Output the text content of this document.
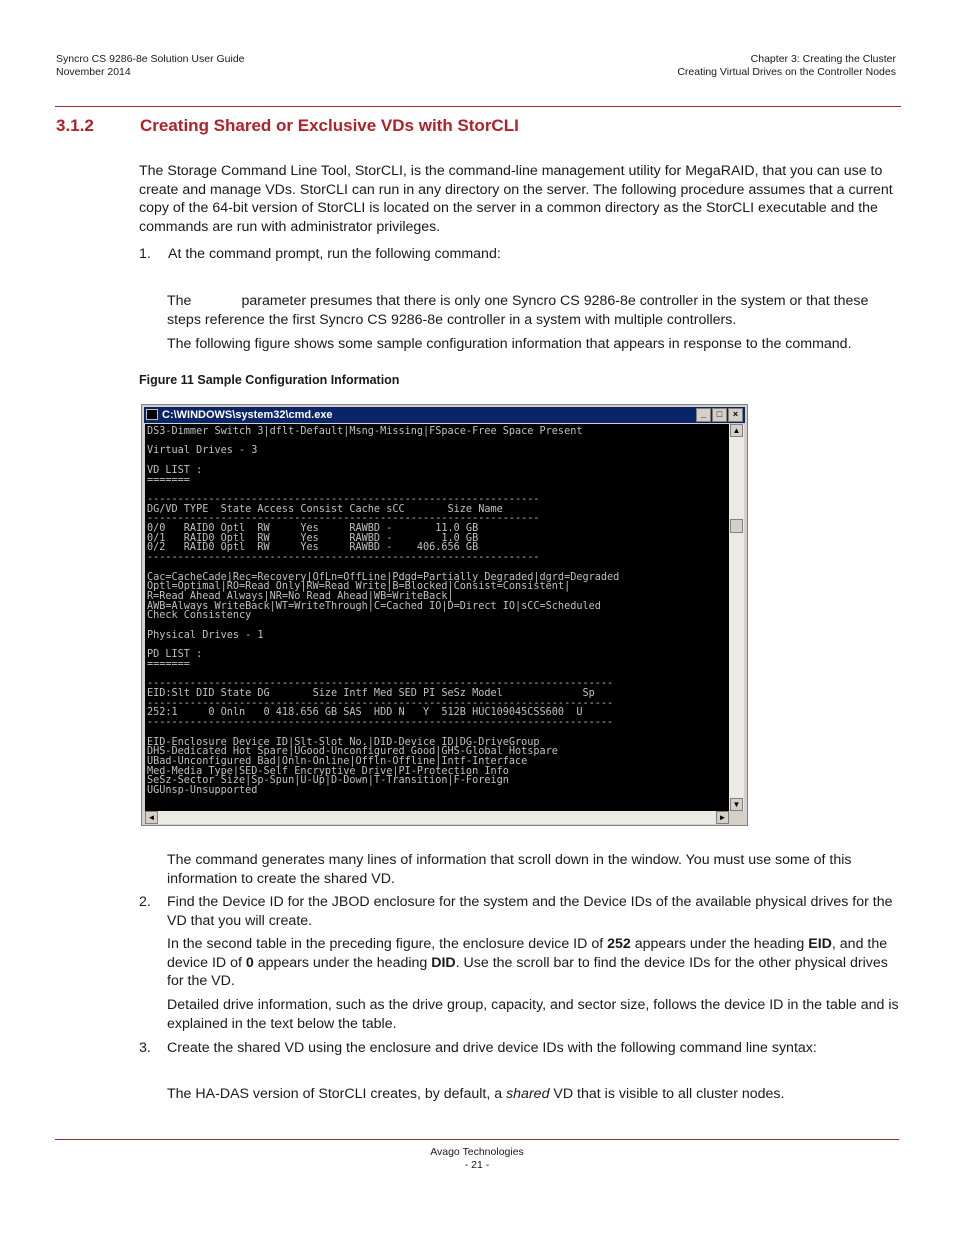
Syncro CS 9286-8e Solution User Guide
November 2014
Chapter 3: Creating the Cluster
Creating Virtual Drives on the Controller Nodes
3.1.2	Creating Shared or Exclusive VDs with StorCLI
The Storage Command Line Tool, StorCLI, is the command-line management utility for MegaRAID, that you can use to create and manage VDs. StorCLI can run in any directory on the server. The following procedure assumes that a current copy of the 64-bit version of StorCLI is located on the server in a common directory as the StorCLI executable and the commands are run with administrator privileges.
1. At the command prompt, run the following command:
The	parameter presumes that there is only one Syncro CS 9286-8e controller in the system or that these steps reference the first Syncro CS 9286-8e controller in a system with multiple controllers.
The following figure shows some sample configuration information that appears in response to the command.
Figure 11 Sample Configuration Information
C:\WINDOWS\system32\cmd.exe	_	□	×
DS3-Dimmer Switch 3|dflt-Default|Msng-Missing|FSpace-Free Space Present

Virtual Drives - 3

VD LIST :
=======

----------------------------------------------------------------
DG/VD TYPE  State Access Consist Cache sCC       Size Name
----------------------------------------------------------------
0/0   RAID0 Optl  RW     Yes     RAWBD -       11.0 GB
0/1   RAID0 Optl  RW     Yes     RAWBD -        1.0 GB
0/2   RAID0 Optl  RW     Yes     RAWBD -    406.656 GB
----------------------------------------------------------------

Cac=CacheCade|Rec=Recovery|OfLn=OffLine|Pdgd=Partially Degraded|dgrd=Degraded
Optl=Optimal|RO=Read Only|RW=Read Write|B=Blocked|Consist=Consistent|
R=Read Ahead Always|NR=No Read Ahead|WB=WriteBack|
AWB=Always WriteBack|WT=WriteThrough|C=Cached IO|D=Direct IO|sCC=Scheduled
Check Consistency

Physical Drives - 1

PD LIST :
=======

----------------------------------------------------------------------------
EID:Slt DID State DG       Size Intf Med SED PI SeSz Model             Sp
----------------------------------------------------------------------------
252:1     0 Onln   0 418.656 GB SAS  HDD N   Y  512B HUC109045CSS600  U
----------------------------------------------------------------------------

EID-Enclosure Device ID|Slt-Slot No.|DID-Device ID|DG-DriveGroup
DHS-Dedicated Hot Spare|UGood-Unconfigured Good|GHS-Global Hotspare
UBad-Unconfigured Bad|Onln-Online|Offln-Offline|Intf-Interface
Med-Media Type|SED-Self Encryptive Drive|PI-Protection Info
SeSz-Sector Size|Sp-Spun|U-Up|D-Down|T-Transition|F-Foreign
UGUnsp-Unsupported
▲
▼
◄	►
The command generates many lines of information that scroll down in the window. You must use some of this information to create the shared VD.
2. Find the Device ID for the JBOD enclosure for the system and the Device IDs of the available physical drives for the VD that you will create.
In the second table in the preceding figure, the enclosure device ID of 252 appears under the heading EID, and the device ID of 0 appears under the heading DID. Use the scroll bar to find the device IDs for the other physical drives for the VD.
Detailed drive information, such as the drive group, capacity, and sector size, follows the device ID in the table and is explained in the text below the table.
3. Create the shared VD using the enclosure and drive device IDs with the following command line syntax:
The HA-DAS version of StorCLI creates, by default, a shared VD that is visible to all cluster nodes.
Avago Technologies
- 21 -
